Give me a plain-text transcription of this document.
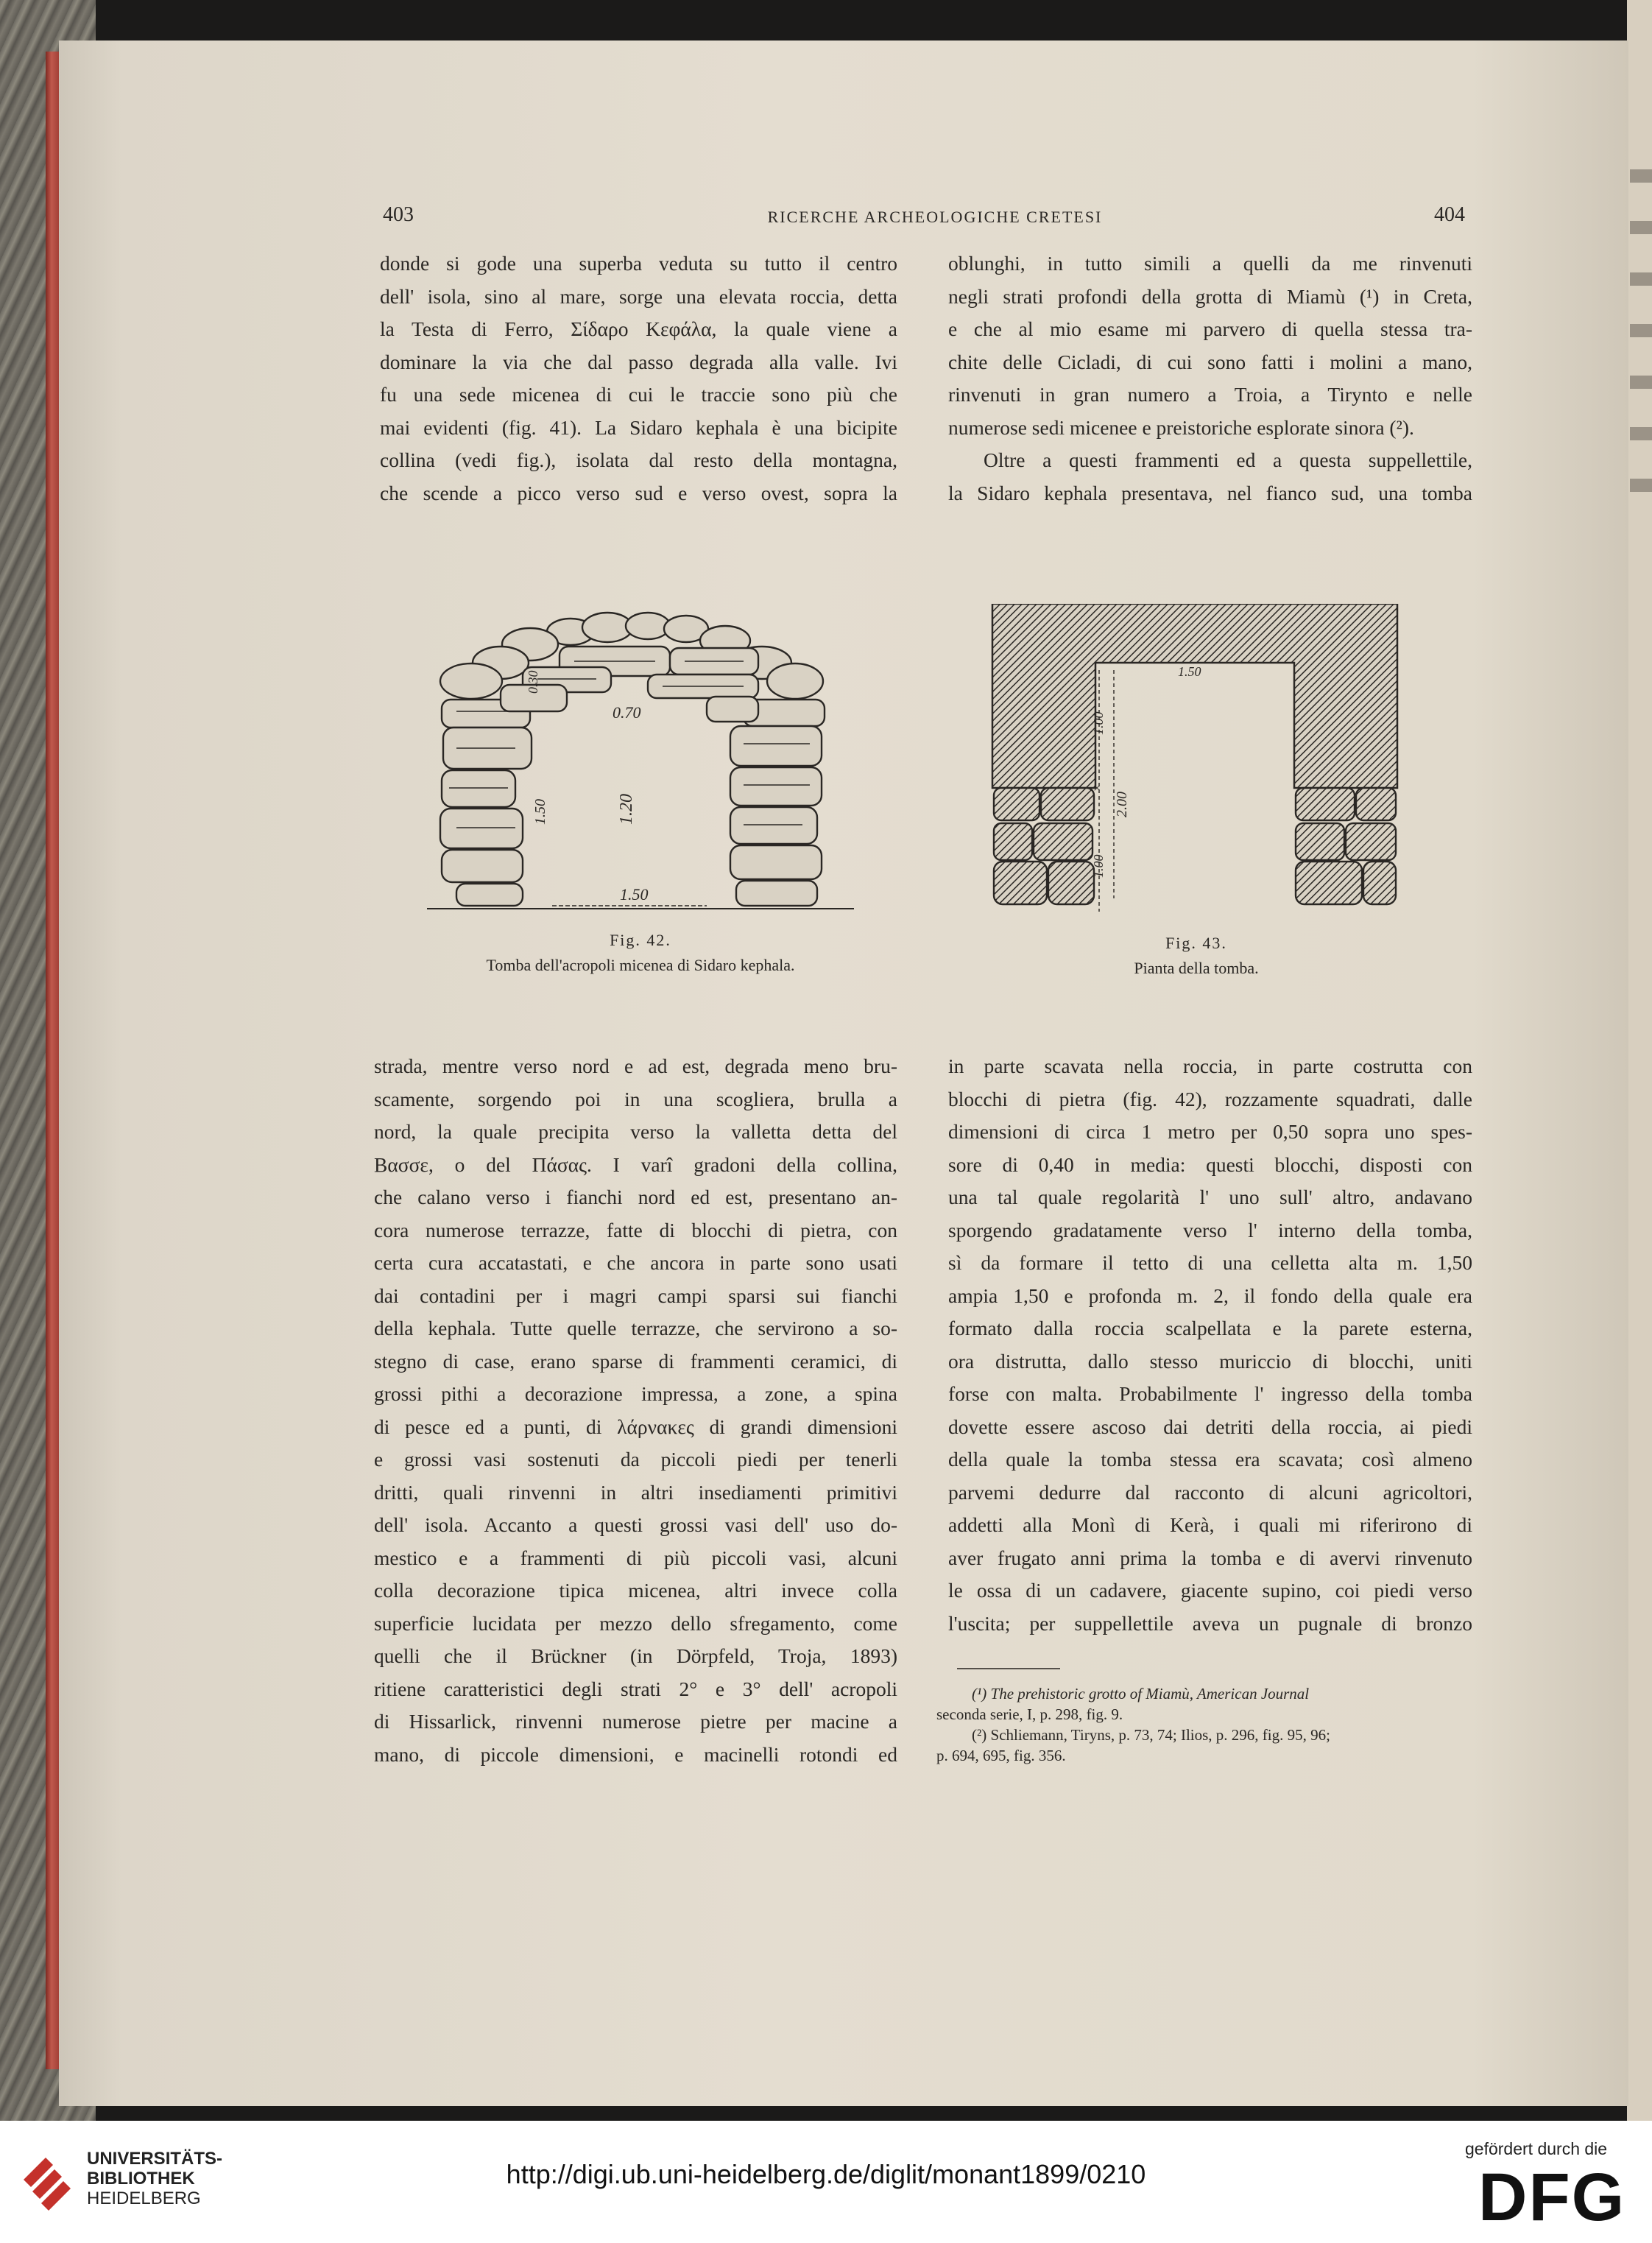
403	RICERCHE ARCHEOLOGICHE CRETESI	404

donde si gode una superba veduta su tutto il centro

dell' isola, sino al mare, sorge una elevata roccia, detta

la Testa di Ferro, Σίδαρο Κεφάλα, la quale viene a

dominare la via che dal passo degrada alla valle. Ivi

fu una sede micenea di cui le traccie sono più che

mai evidenti (fig. 41). La Sidaro kephala è una bicipite

collina (vedi fig.), isolata dal resto della montagna,

che scende a picco verso sud e verso ovest, sopra la

oblunghi, in tutto simili a quelli da me rinvenuti

negli strati profondi della grotta di Miamù (¹) in Creta,

e che al mio esame mi parvero di quella stessa tra-

chite delle Cicladi, di cui sono fatti i molini a mano,

rinvenuti in gran numero a Troia, a Tirynto e nelle

numerose sedi micenee e preistoriche esplorate sinora (²).

Oltre a questi frammenti ed a questa suppellettile,

la Sidaro kephala presentava, nel fianco sud, una tomba

0.70
0.30
1.50	1.20
1.50
Fig. 42.
Tomba dell'acropoli micenea di Sidaro kephala.
1.50
1.00
2.00
1.00
×
Fig. 43.
Pianta della tomba.

strada, mentre verso nord e ad est, degrada meno bru-

scamente, sorgendo poi in una scogliera, brulla a

nord, la quale precipita verso la valletta detta del

Βασσε, o del Πάσας. I varî gradoni della collina,

che calano verso i fianchi nord ed est, presentano an-

cora numerose terrazze, fatte di blocchi di pietra, con

certa cura accatastati, e che ancora in parte sono usati

dai contadini per i magri campi sparsi sui fianchi

della kephala. Tutte quelle terrazze, che servirono a so-

stegno di case, erano sparse di frammenti ceramici, di

grossi pithi a decorazione impressa, a zone, a spina

di pesce ed a punti, di λάρνακες di grandi dimensioni

e grossi vasi sostenuti da piccoli piedi per tenerli

dritti, quali rinvenni in altri insediamenti primitivi

dell' isola. Accanto a questi grossi vasi dell' uso do-

mestico e a frammenti di più piccoli vasi, alcuni

colla decorazione tipica micenea, altri invece colla

superficie lucidata per mezzo dello sfregamento, come

quelli che il Brückner (in Dörpfeld, Troja, 1893)

ritiene caratteristici degli strati 2° e 3° dell' acropoli

di Hissarlick, rinvenni numerose pietre per macine a

mano, di piccole dimensioni, e macinelli rotondi ed

in parte scavata nella roccia, in parte costrutta con

blocchi di pietra (fig. 42), rozzamente squadrati, dalle

dimensioni di circa 1 metro per 0,50 sopra uno spes-

sore di 0,40 in media: questi blocchi, disposti con

una tal quale regolarità l' uno sull' altro, andavano

sporgendo gradatamente verso l' interno della tomba,

sì da formare il tetto di una celletta alta m. 1,50

ampia 1,50 e profonda m. 2, il fondo della quale era

formato dalla roccia scalpellata e la parete esterna,

ora distrutta, dallo stesso muriccio di blocchi, uniti

forse con malta. Probabilmente l' ingresso della tomba

dovette essere ascoso dai detriti della roccia, ai piedi

della quale la tomba stessa era scavata; così almeno

parvemi dedurre dal racconto di alcuni agricoltori,

addetti alla Monì di Kerà, i quali mi riferirono di

aver frugato anni prima la tomba e di avervi rinvenuto

le ossa di un cadavere, giacente supino, coi piedi verso

l'uscita; per suppellettile aveva un pugnale di bronzo

(¹) The prehistoric grotto of Miamù, American Journal

seconda serie, I, p. 298, fig. 9.

(²) Schliemann, Tiryns, p. 73, 74; Ilios, p. 296, fig. 95, 96;

p. 694, 695, fig. 356.

UNIVERSITÄTS-
BIBLIOTHEK
HEIDELBERG
http://digi.ub.uni-heidelberg.de/diglit/monant1899/0210
gefördert durch die
DFG
